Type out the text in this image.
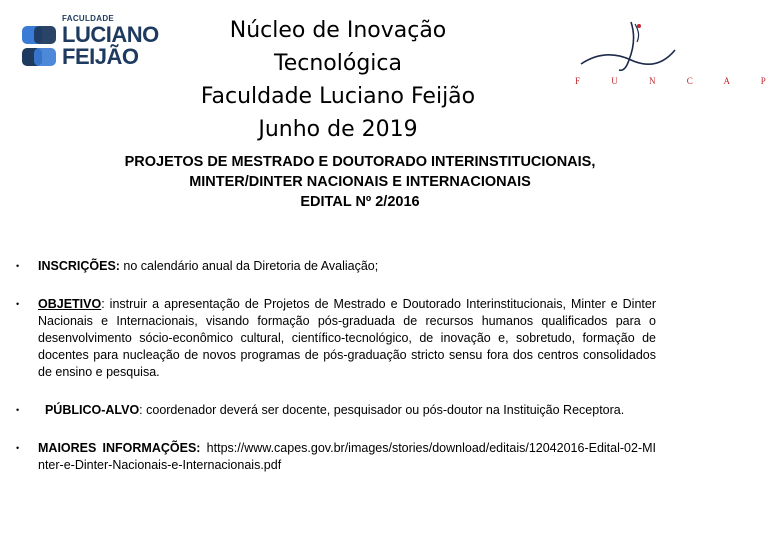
FACULDADE
LUCIANO
FEIJÃO
Núcleo de Inovação Tecnológica
Faculdade Luciano Feijão
Junho de 2019
F U N C A P
PROJETOS DE MESTRADO E DOUTORADO INTERINSTITUCIONAIS,
MINTER/DINTER NACIONAIS E INTERNACIONAIS
EDITAL Nº 2/2016
• INSCRIÇÕES: no calendário anual da Diretoria de Avaliação;
• OBJETIVO: instruir a apresentação de Projetos de Mestrado e Doutorado Interinstitucionais, Minter e Dinter Nacionais e Internacionais, visando formação pós-graduada de recursos humanos qualificados para o desenvolvimento sócio-econômico cultural, científico-tecnológico, de inovação e, sobretudo, formação de docentes para nucleação de novos programas de pós-graduação stricto sensu fora dos centros consolidados de ensino e pesquisa.
• PÚBLICO-ALVO: coordenador deverá ser docente, pesquisador ou pós-doutor na Instituição Receptora.
• MAIORES INFORMAÇÕES: https://www.capes.gov.br/images/stories/download/editais/12042016-Edital-02-MInter-e-Dinter-Nacionais-e-Internacionais.pdf
